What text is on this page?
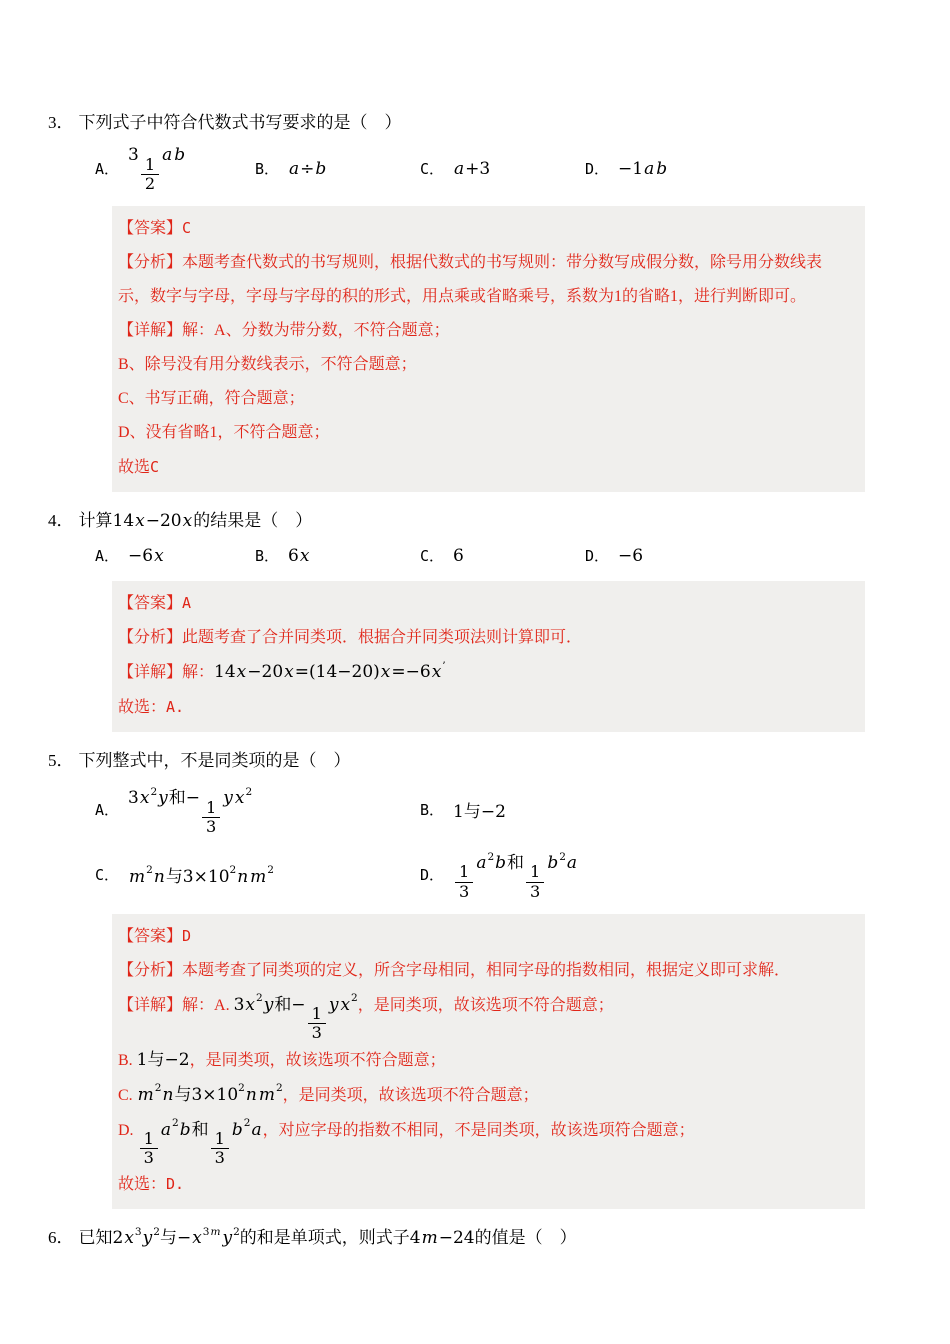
3． 下列式子中符合代数式书写要求的是（　）
A．
3
$\frac{1}{2}$
a b
B． a÷b	C． a+3	D． −1a b
【答案】C
【分析】本题考查代数式的书写规则，根据代数式的书写规则：带分数写成假分数，除号用分数线表示，数字与字母，字母与字母的积的形式，用点乘或省略乘号，系数为1的省略1，进行判断即可。
【详解】解：A、分数为带分数，不符合题意；
B、除号没有用分数线表示，不符合题意；
C、书写正确，符合题意；
D、没有省略1，不符合题意；
故选C
4． 计算14x−20x的结果是（　）
A． −6x	B． 6x	C． 6	D． −6
【答案】A
【分析】此题考查了合并同类项．根据合并同类项法则计算即可．
【详解】解：14x−20x=(14−20)x=−6x’
故选：A.
5． 下列整式中，不是同类项的是（　）
A．
$3x^2y$和−
$\frac{1}{3}$
y $x^2$
B． 1与−2
C． $m^2n$与$3\times 10^2n$ $m^2$	D． $\frac{1}{3}$
$a^2b$和
$\frac{1}{3}$
$b^2a$
【答案】D
【分析】本题考查了同类项的定义，所含字母相同，相同字母的指数相同，根据定义即可求解．
【详解】解：A. $3x^2y$和−
$\frac{1}{3}$
y $x^2$，是同类项，故该选项不符合题意；
B. 1与−2，是同类项，故该选项不符合题意；
C. $m^2n$与$3\times 10^2n$ $m^2$，是同类项，故该选项不符合题意；
D.
$\frac{1}{3}$
$a^2b$和
$\frac{1}{3}$
$b^2a$，对应字母的指数不相同，不是同类项，故该选项符合题意；
故选：D.
6． 已知$2x^3y^2$与$-x^{3m}$ $y^2$的和是单项式，则式子4m−24的值是（　）
